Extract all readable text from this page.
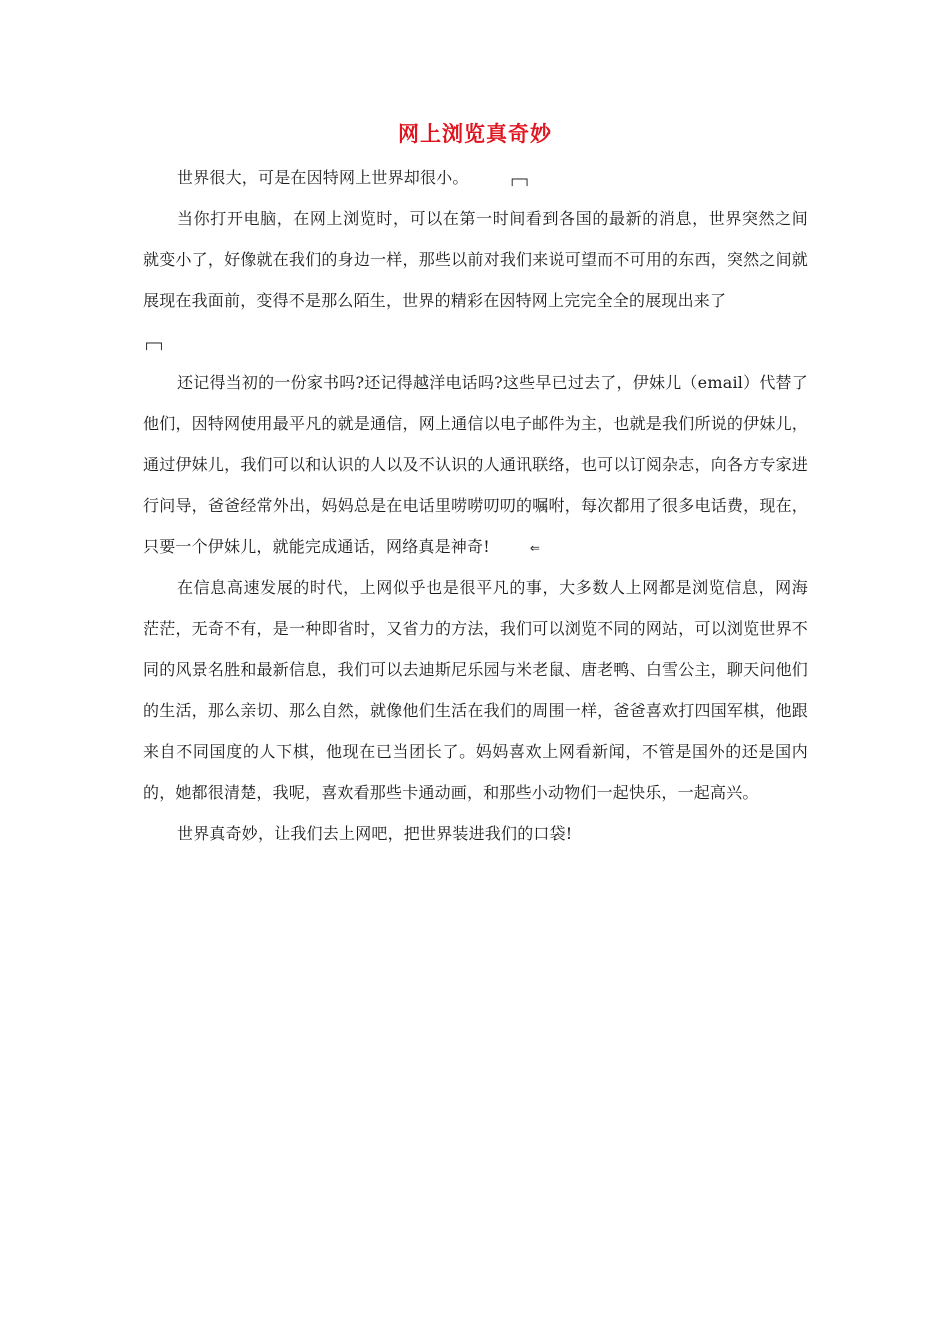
网上浏览真奇妙

世界很大，可是在因特网上世界却很小。	┌─┐

当你打开电脑，在网上浏览时，可以在第一时间看到各国的最新的消息，世界突然之间就变小了，好像就在我们的身边一样，那些以前对我们来说可望而不可用的东西，突然之间就展现在我面前，变得不是那么陌生，世界的精彩在因特网上完完全全的展现出来了
┌─┐

还记得当初的一份家书吗?还记得越洋电话吗?这些早已过去了，伊妹儿（email）代替了他们，因特网使用最平凡的就是通信，网上通信以电子邮件为主，也就是我们所说的伊妹儿，通过伊妹儿，我们可以和认识的人以及不认识的人通讯联络，也可以订阅杂志，向各方专家进行问导，爸爸经常外出，妈妈总是在电话里唠唠叨叨的嘱咐，每次都用了很多电话费，现在，只要一个伊妹儿，就能完成通话，网络真是神奇!	⇐

在信息高速发展的时代，上网似乎也是很平凡的事，大多数人上网都是浏览信息，网海茫茫，无奇不有，是一种即省时，又省力的方法，我们可以浏览不同的网站，可以浏览世界不同的风景名胜和最新信息，我们可以去迪斯尼乐园与米老鼠、唐老鸭、白雪公主，聊天问他们的生活，那么亲切、那么自然，就像他们生活在我们的周围一样，爸爸喜欢打四国军棋，他跟来自不同国度的人下棋，他现在已当团长了。妈妈喜欢上网看新闻，不管是国外的还是国内的，她都很清楚，我呢，喜欢看那些卡通动画，和那些小动物们一起快乐，一起高兴。

世界真奇妙，让我们去上网吧，把世界装进我们的口袋!
